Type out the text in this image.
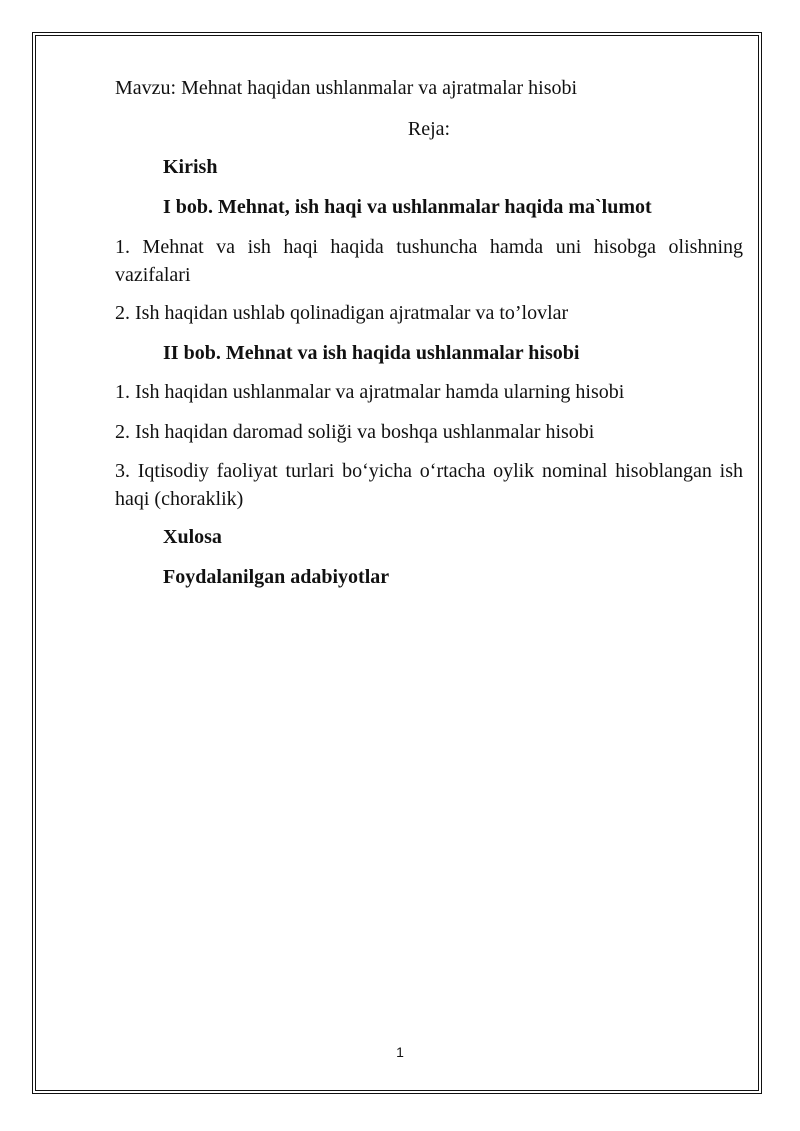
Mavzu: Mehnat haqidan ushlanmalar va ajratmalar hisobi

Reja:

Kirish

I bob. Mehnat, ish haqi va ushlanmalar haqida ma`lumot

1. Mehnat va ish haqi haqida tushuncha hamda uni hisobga olishning vazifalari

2. Ish haqidan ushlab qolinadigan ajratmalar va to’lovlar

II bob. Mehnat va ish haqida ushlanmalar hisobi

1. Ish haqidan ushlanmalar va ajratmalar hamda ularning hisobi

2. Ish haqidan daromad soliği va boshqa ushlanmalar hisobi

3. Iqtisodiy faoliyat turlari bo‘yicha o‘rtacha oylik nominal hisoblangan ish haqi (choraklik)

Xulosa

Foydalanilgan adabiyotlar

1
